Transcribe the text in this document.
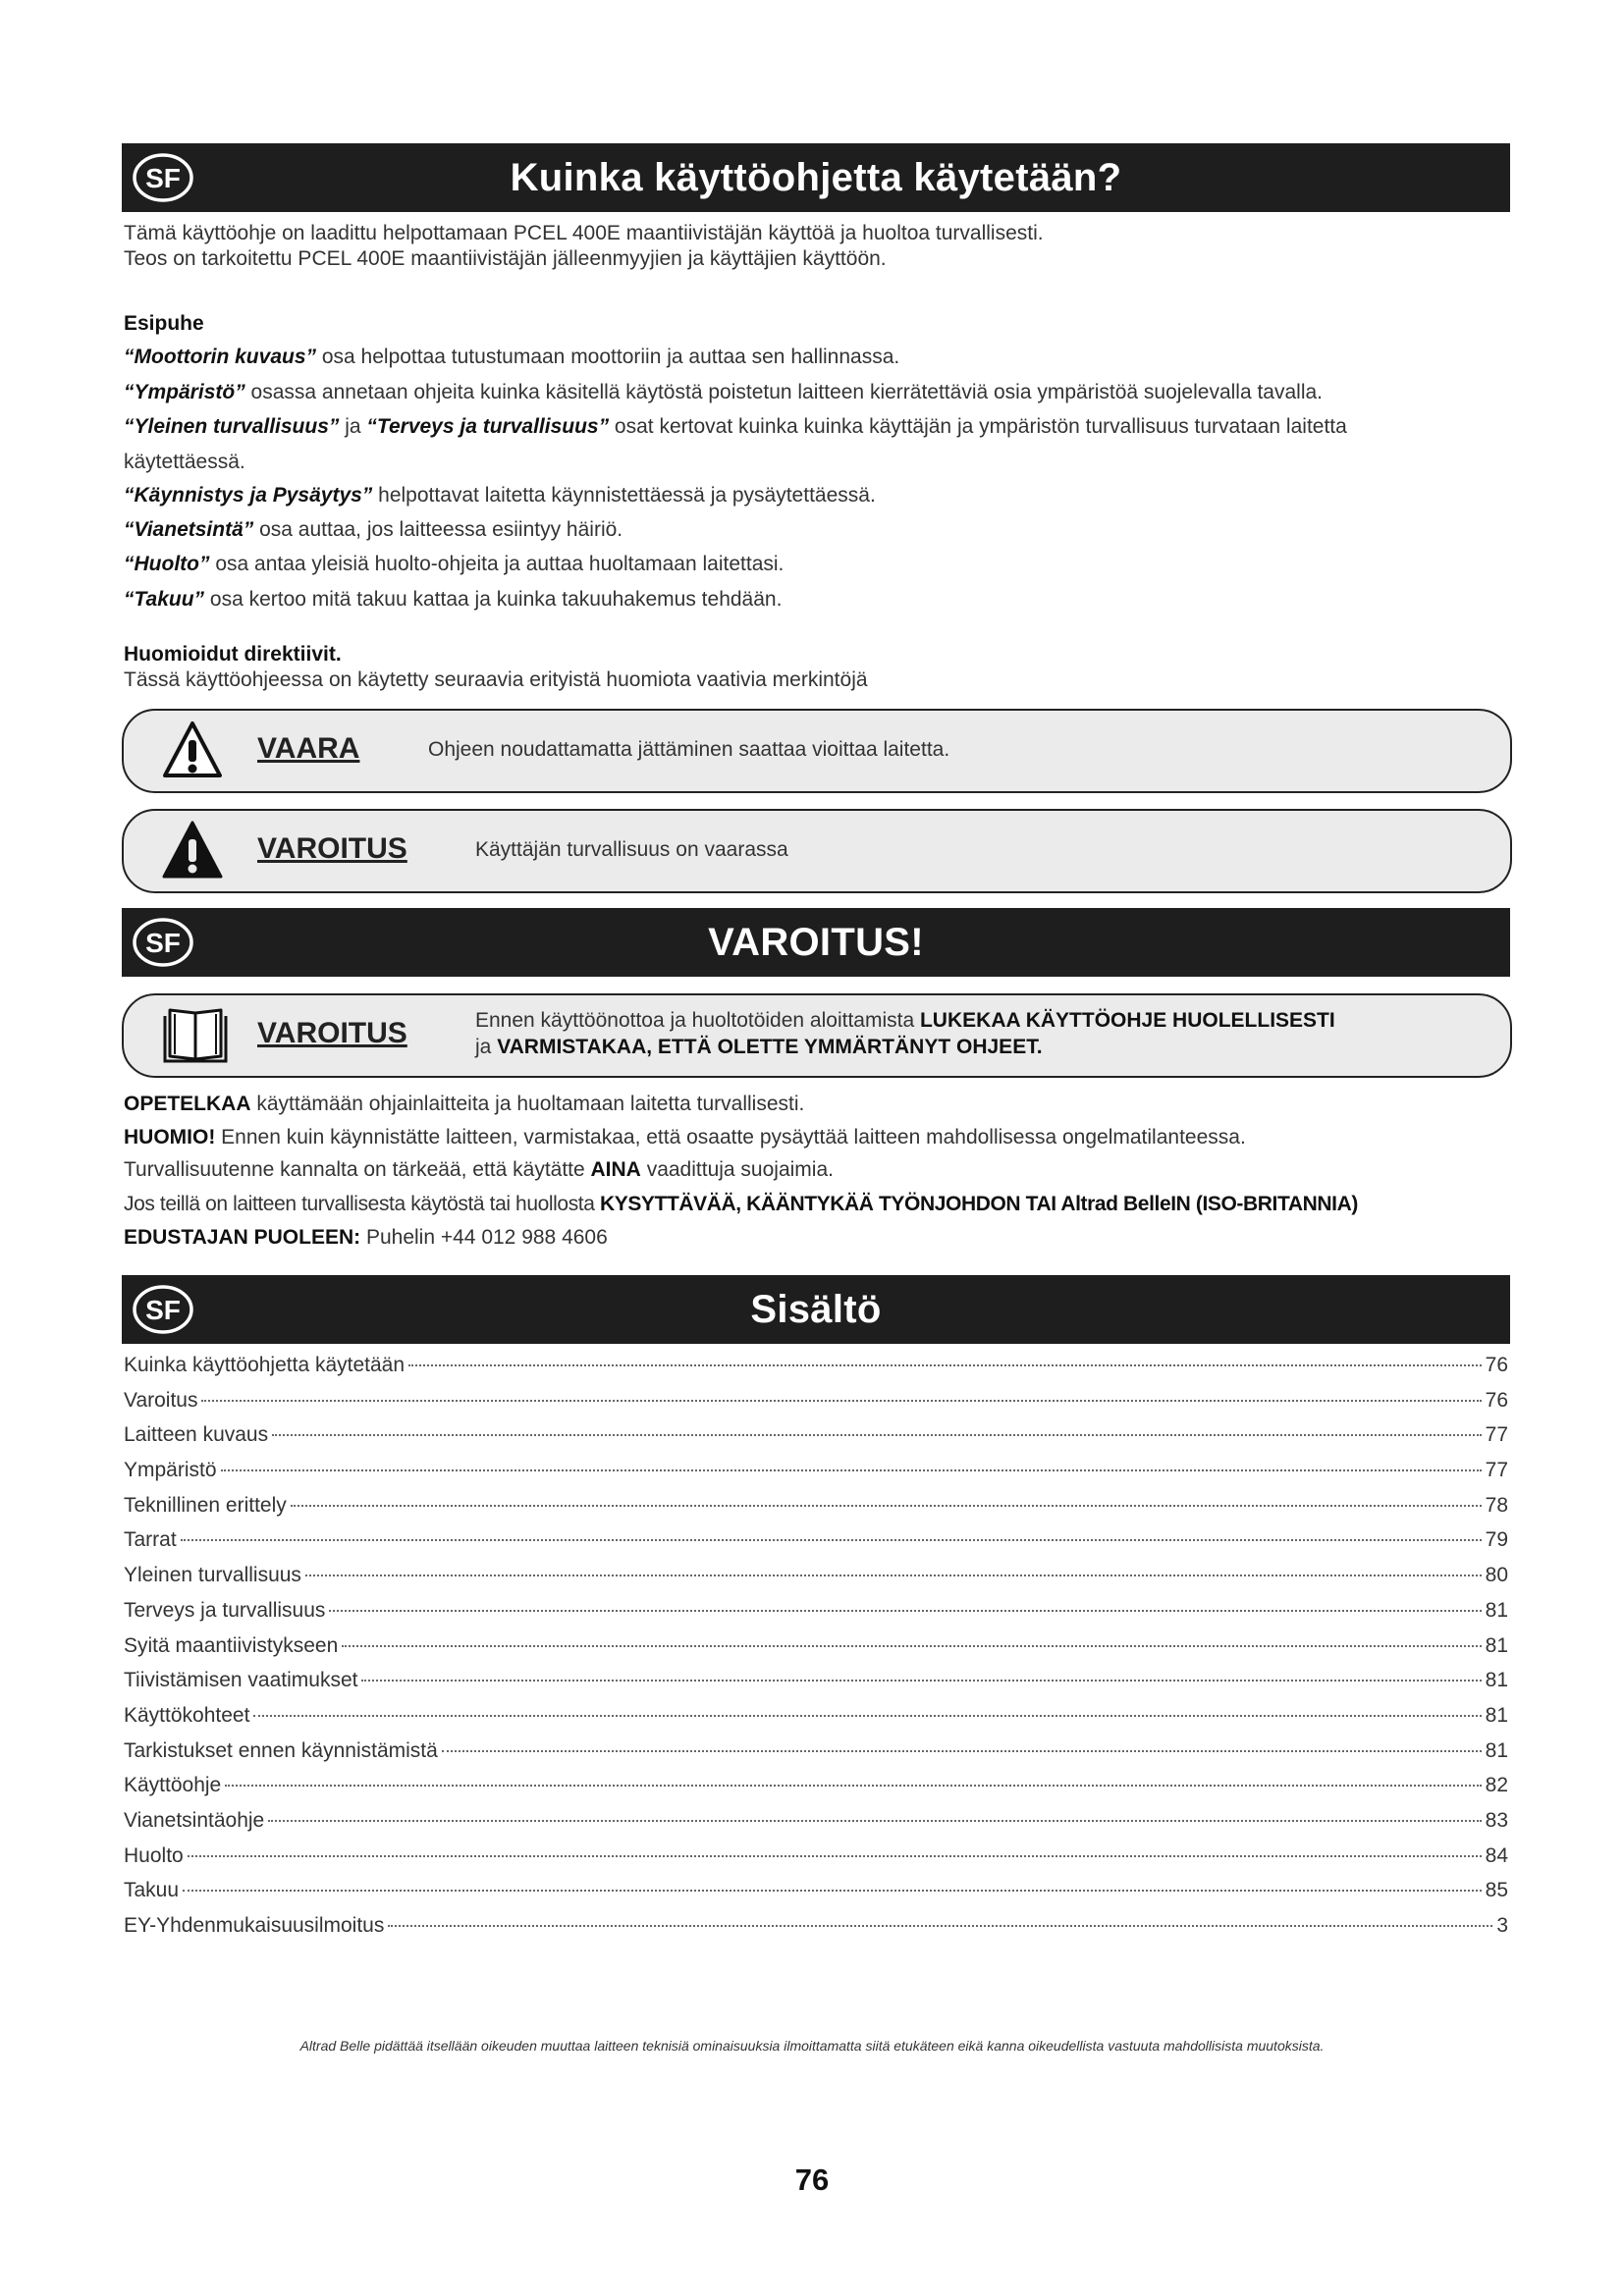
SF	Kuinka käyttöohjetta käytetään?
Tämä käyttöohje on laadittu helpottamaan PCEL 400E maantiivistäjän käyttöä ja huoltoa turvallisesti.
Teos on tarkoitettu PCEL 400E maantiivistäjän jälleenmyyjien ja käyttäjien käyttöön.
Esipuhe
“Moottorin kuvaus” osa helpottaa tutustumaan moottoriin ja auttaa sen hallinnassa.
“Ympäristö” osassa annetaan ohjeita kuinka käsitellä käytöstä poistetun laitteen kierrätettäviä osia ympäristöä suojelevalla tavalla.
“Yleinen turvallisuus” ja “Terveys ja turvallisuus” osat kertovat kuinka kuinka käyttäjän ja ympäristön turvallisuus turvataan laitetta
käytettäessä.
“Käynnistys ja Pysäytys” helpottavat laitetta käynnistettäessä ja pysäytettäessä.
“Vianetsintä” osa auttaa, jos laitteessa esiintyy häiriö.
“Huolto” osa antaa yleisiä huolto-ohjeita ja auttaa huoltamaan laitettasi.
“Takuu” osa kertoo mitä takuu kattaa ja kuinka takuuhakemus tehdään.
Huomioidut direktiivit.
Tässä käyttöohjeessa on käytetty seuraavia erityistä huomiota vaativia merkintöjä
VAARA	Ohjeen noudattamatta jättäminen saattaa vioittaa laitetta.
VAROITUS	Käyttäjän turvallisuus on vaarassa
SF	VAROITUS!
VAROITUS	Ennen käyttöönottoa ja huoltotöiden aloittamista LUKEKAA KÄYTTÖOHJE HUOLELLISESTI
ja VARMISTAKAA, ETTÄ OLETTE YMMÄRTÄNYT OHJEET.
OPETELKAA käyttämään ohjainlaitteita ja huoltamaan laitetta turvallisesti.
HUOMIO! Ennen kuin käynnistätte laitteen, varmistakaa, että osaatte pysäyttää laitteen mahdollisessa ongelmatilanteessa.
Turvallisuutenne kannalta on tärkeää, että käytätte AINA vaadittuja suojaimia.
Jos teillä on laitteen turvallisesta käytöstä tai huollosta KYSYTTÄVÄÄ, KÄÄNTYKÄÄ TYÖNJOHDON TAI Altrad BelleIN (ISO-BRITANNIA)
EDUSTAJAN PUOLEEN: Puhelin +44 012 988 4606
SF	Sisältö
Kuinka käyttöohjetta käytetään	76
Varoitus	76
Laitteen kuvaus	77
Ympäristö	77
Teknillinen erittely	78
Tarrat	79
Yleinen turvallisuus	80
Terveys ja turvallisuus	81
Syitä maantiivistykseen	81
Tiivistämisen vaatimukset	81
Käyttökohteet	81
Tarkistukset ennen käynnistämistä	81
Käyttöohje	82
Vianetsintäohje	83
Huolto	84
Takuu	85
EY-Yhdenmukaisuusilmoitus	3
Altrad Belle pidättää itsellään oikeuden muuttaa laitteen teknisiä ominaisuuksia ilmoittamatta siitä etukäteen eikä kanna oikeudellista vastuuta mahdollisista muutoksista.
76
